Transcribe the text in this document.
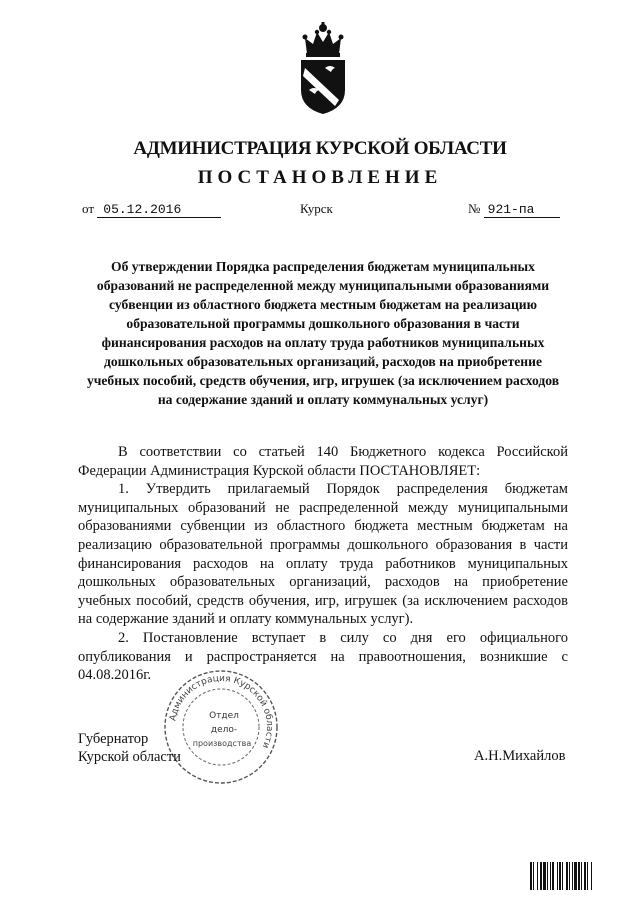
АДМИНИСТРАЦИЯ КУРСКОЙ ОБЛАСТИ
ПОСТАНОВЛЕНИЕ
от 05.12.2016	Курск	№ 921-па

Об утверждении Порядка распределения бюджетам муниципальных образований не распределенной между муниципальными образованиями субвенции из областного бюджета местным бюджетам на реализацию образовательной программы дошкольного образования в части финансирования расходов на оплату труда работников муниципальных дошкольных образовательных организаций, расходов на приобретение учебных пособий, средств обучения, игр, игрушек (за исключением расходов на содержание зданий и оплату коммунальных услуг)

В соответствии со статьей 140 Бюджетного кодекса Российской Федерации Администрация Курской области ПОСТАНОВЛЯЕТ:

1. Утвердить прилагаемый Порядок распределения бюджетам муниципальных образований не распределенной между муниципальными образованиями субвенции из областного бюджета местным бюджетам на реализацию образовательной программы дошкольного образования в части финансирования расходов на оплату труда работников муниципальных дошкольных образовательных организаций, расходов на приобретение учебных пособий, средств обучения, игр, игрушек (за исключением расходов на содержание зданий и оплату коммунальных услуг).

2. Постановление вступает в силу со дня его официального опубликования и распространяется на правоотношения, возникшие с 04.08.2016г.

Администрация Курской области
Отдел
дело-
производства
Губернатор
Курской области	А.Н.Михайлов
